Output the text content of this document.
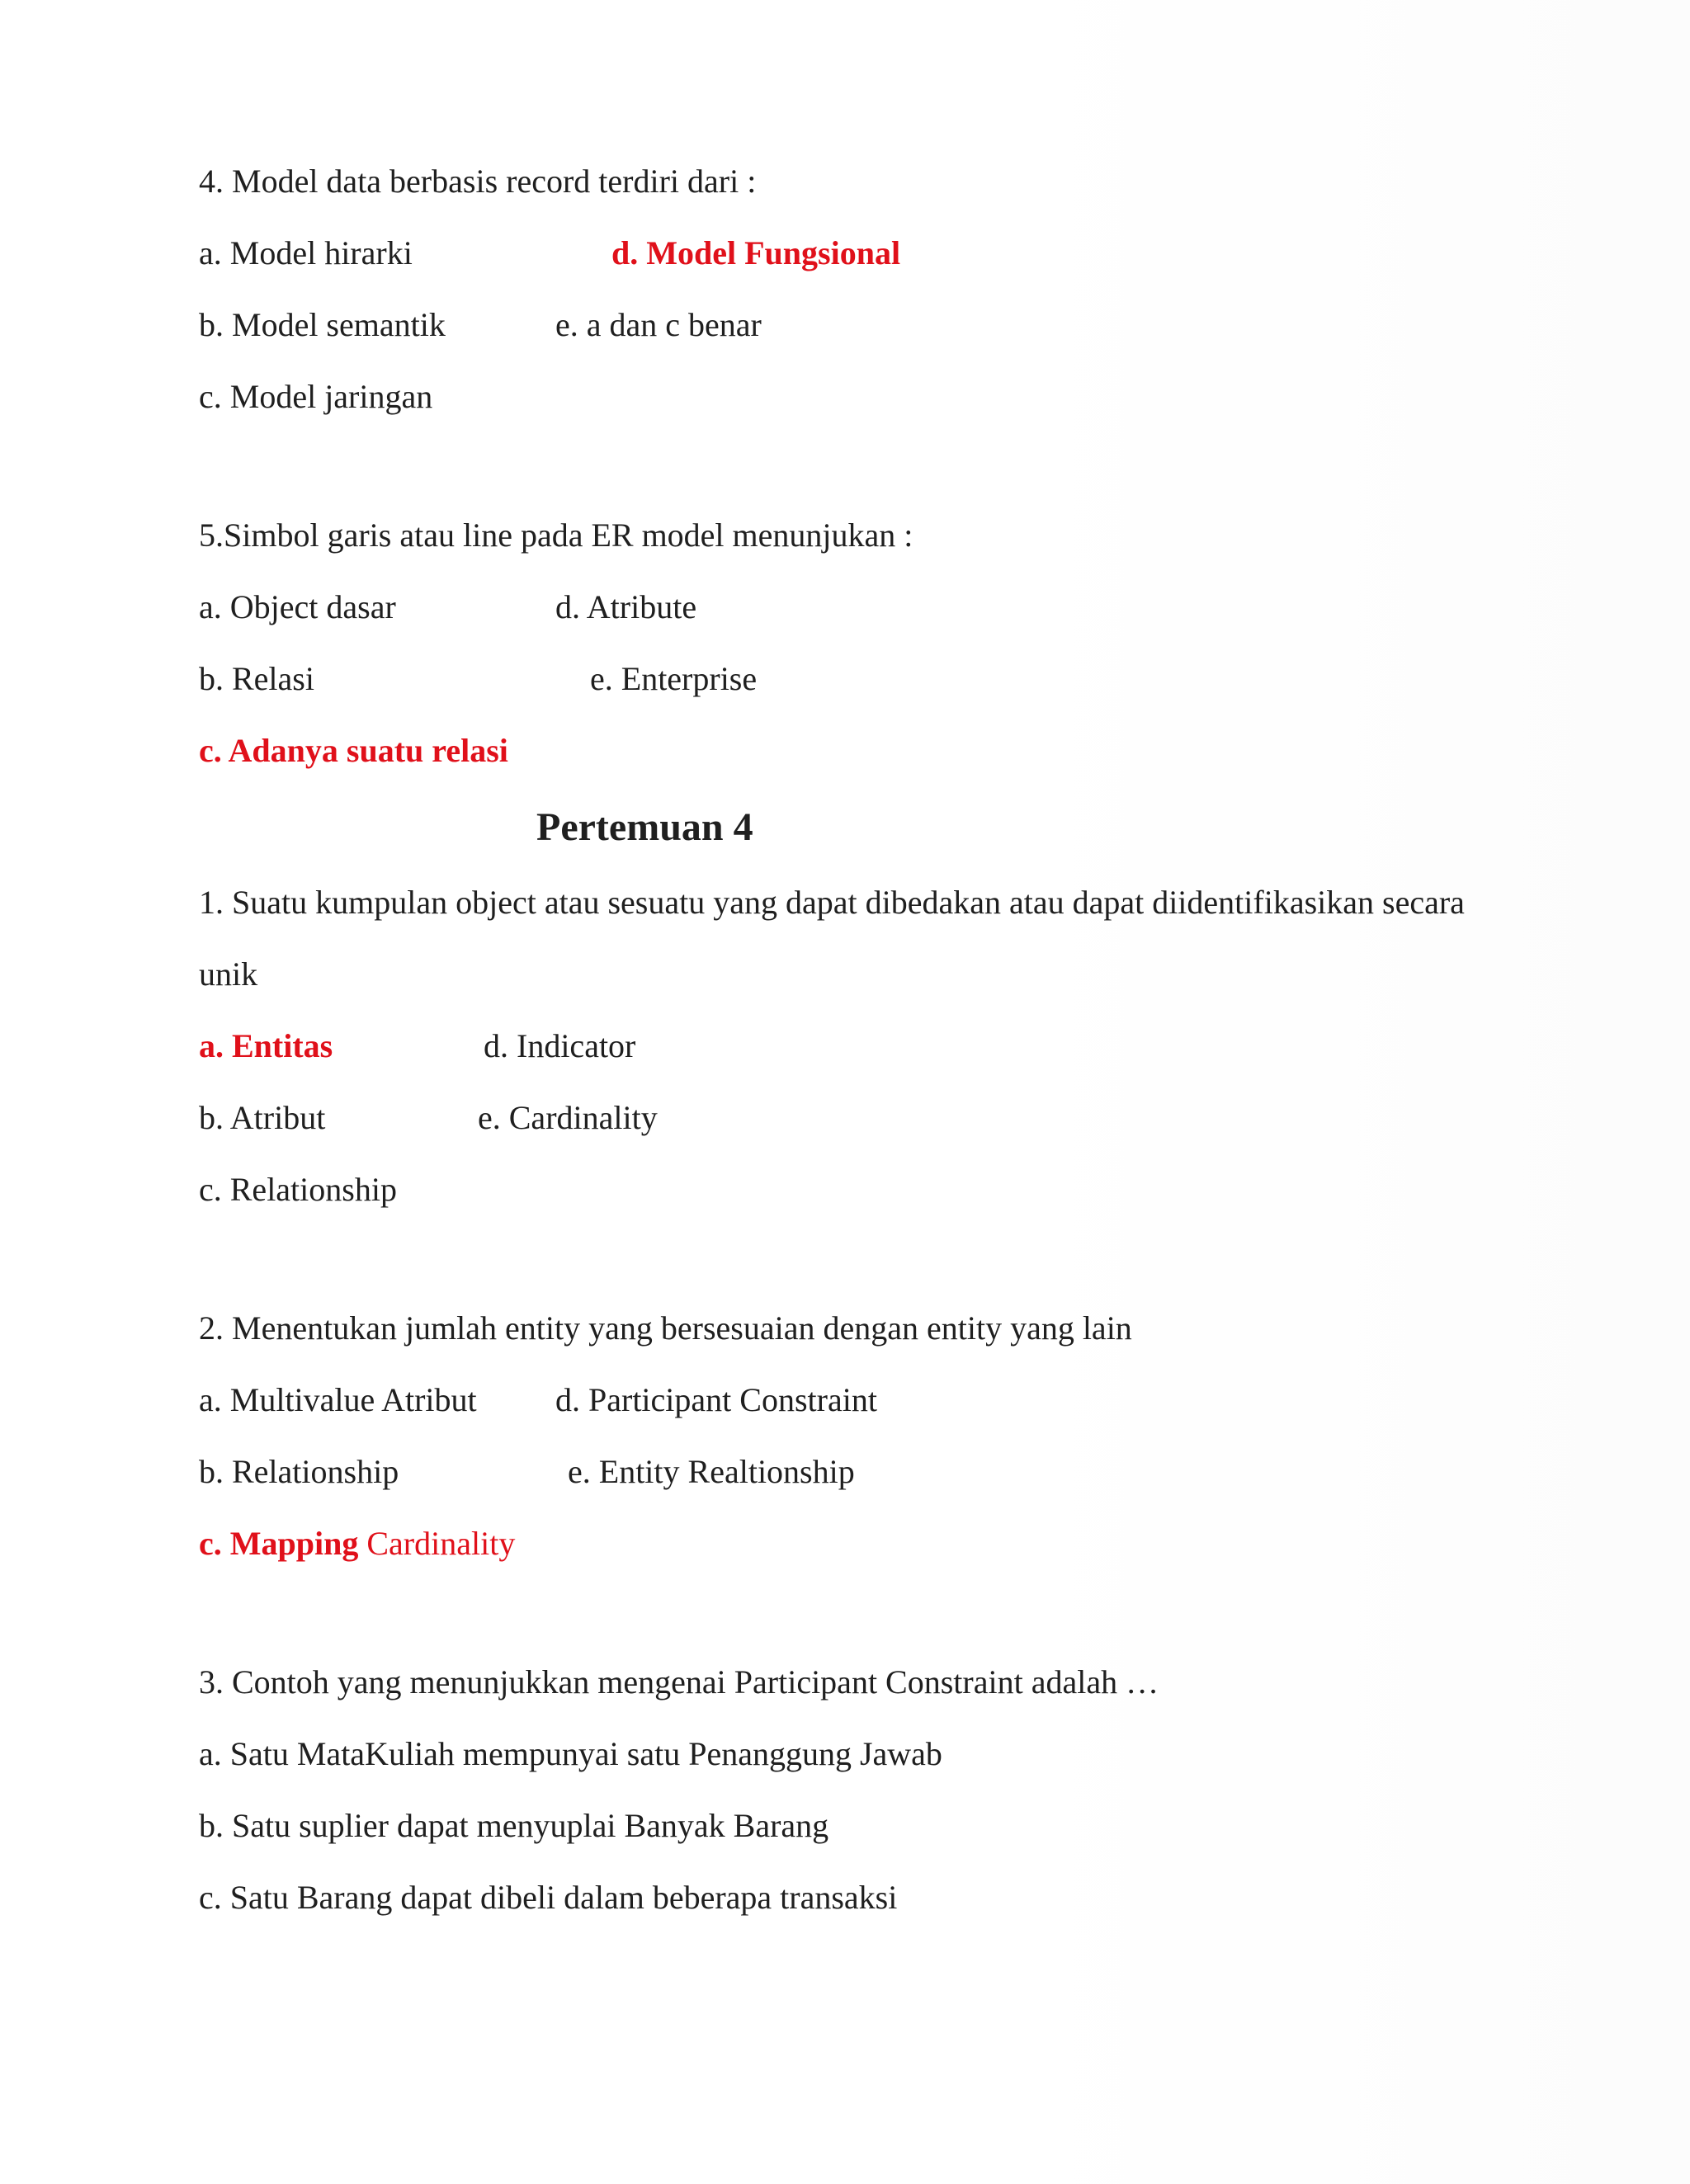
4. Model data berbasis record terdiri dari :
a. Model hirarki	d. Model Fungsional
b. Model semantik	e. a dan c benar
c. Model jaringan
5.Simbol garis atau line pada ER model menunjukan :
a. Object dasar	d. Atribute
b. Relasi	e. Enterprise
c. Adanya suatu relasi
Pertemuan 4
1. Suatu kumpulan object atau sesuatu yang dapat dibedakan atau dapat diidentifikasikan secara
unik
a. Entitas	d. Indicator
b. Atribut	e. Cardinality
c. Relationship
2. Menentukan jumlah entity yang bersesuaian dengan entity yang lain
a. Multivalue Atribut d. Participant Constraint
b. Relationship	e. Entity Realtionship
c. Mapping Cardinality
3. Contoh yang menunjukkan mengenai Participant Constraint adalah …
a. Satu MataKuliah mempunyai satu Penanggung Jawab
b. Satu suplier dapat menyuplai Banyak Barang
c. Satu Barang dapat dibeli dalam beberapa transaksi
